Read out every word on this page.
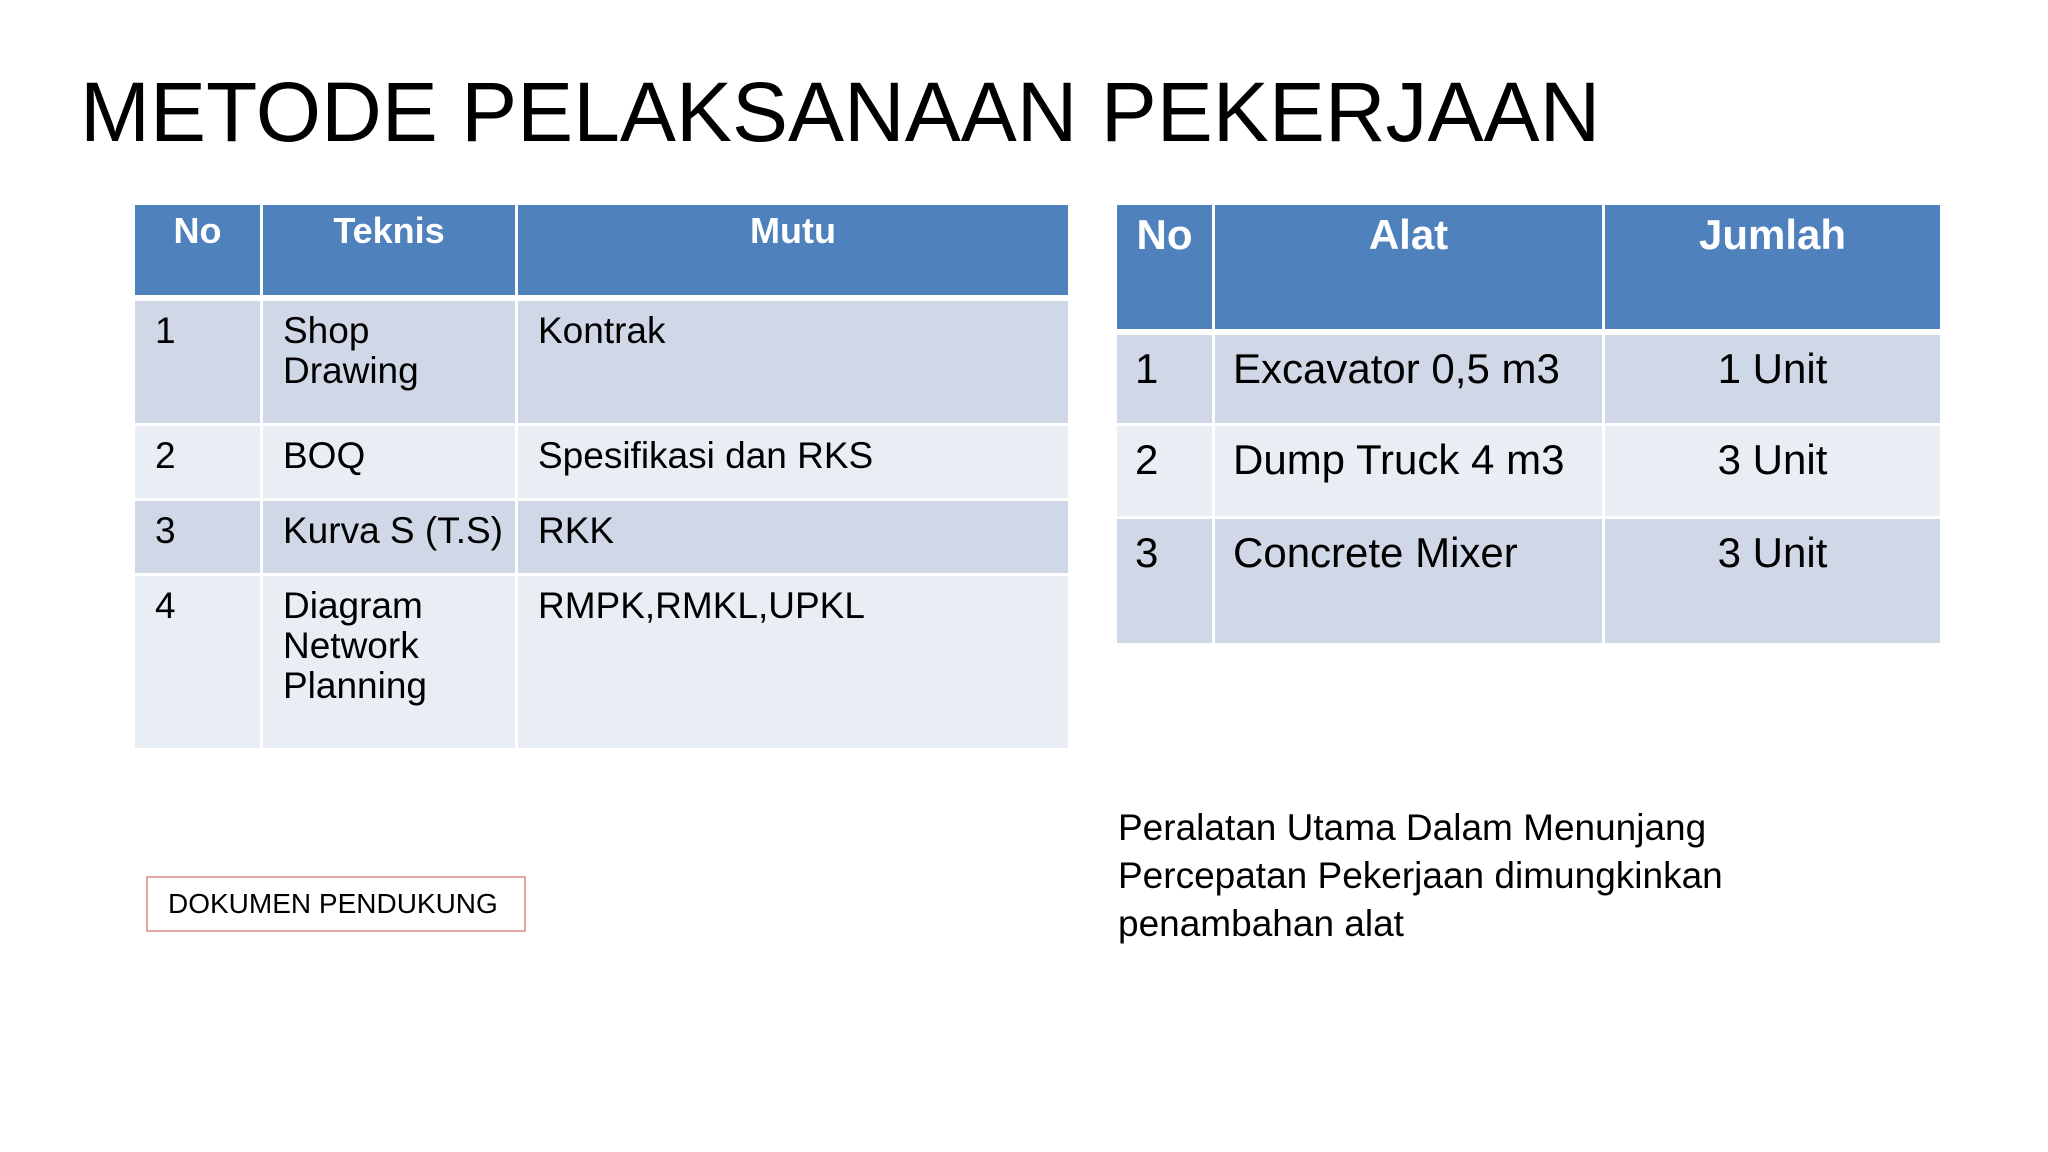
METODE PELAKSANAAN PEKERJAAN
No	Teknis	Mutu
1	Shop Drawing	Kontrak
2	BOQ	Spesifikasi dan RKS
3	Kurva S (T.S)	RKK
4	Diagram Network Planning	RMPK,RMKL,UPKL
No	Alat	Jumlah
1	Excavator 0,5 m3	1 Unit
2	Dump Truck 4 m3	3 Unit
3	Concrete Mixer	3 Unit
DOKUMEN PENDUKUNG
Peralatan Utama Dalam Menunjang Percepatan Pekerjaan dimungkinkan penambahan alat
